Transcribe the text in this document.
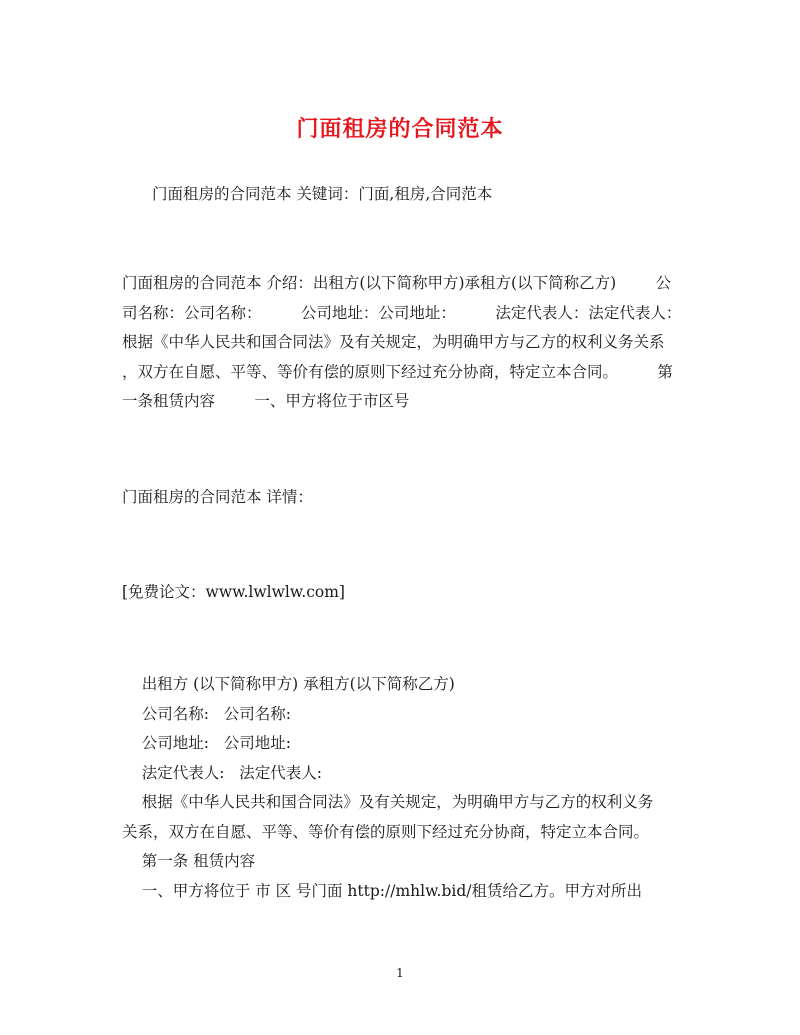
门面租房的合同范本
门面租房的合同范本 关键词：门面,租房,合同范本
门面租房的合同范本 介绍：出租方(以下简称甲方)承租方(以下简称乙方)        公
司名称：公司名称：        公司地址：公司地址：        法定代表人：法定代表人：
根据《中华人民共和国合同法》及有关规定，为明确甲方与乙方的权利义务关系
，双方在自愿、平等、等价有偿的原则下经过充分协商，特定立本合同。        第
一条租赁内容        一、甲方将位于市区号
门面租房的合同范本 详情：
[免费论文：www.lwlwlw.com]
出租方 (以下简称甲方) 承租方(以下简称乙方)
公司名称:   公司名称:
公司地址:   公司地址:
法定代表人:   法定代表人:
根据《中华人民共和国合同法》及有关规定，为明确甲方与乙方的权利义务
关系，双方在自愿、平等、等价有偿的原则下经过充分协商，特定立本合同。
第一条 租赁内容
一、甲方将位于 市 区 号门面 http://mhlw.bid/租赁给乙方。甲方对所出
1
